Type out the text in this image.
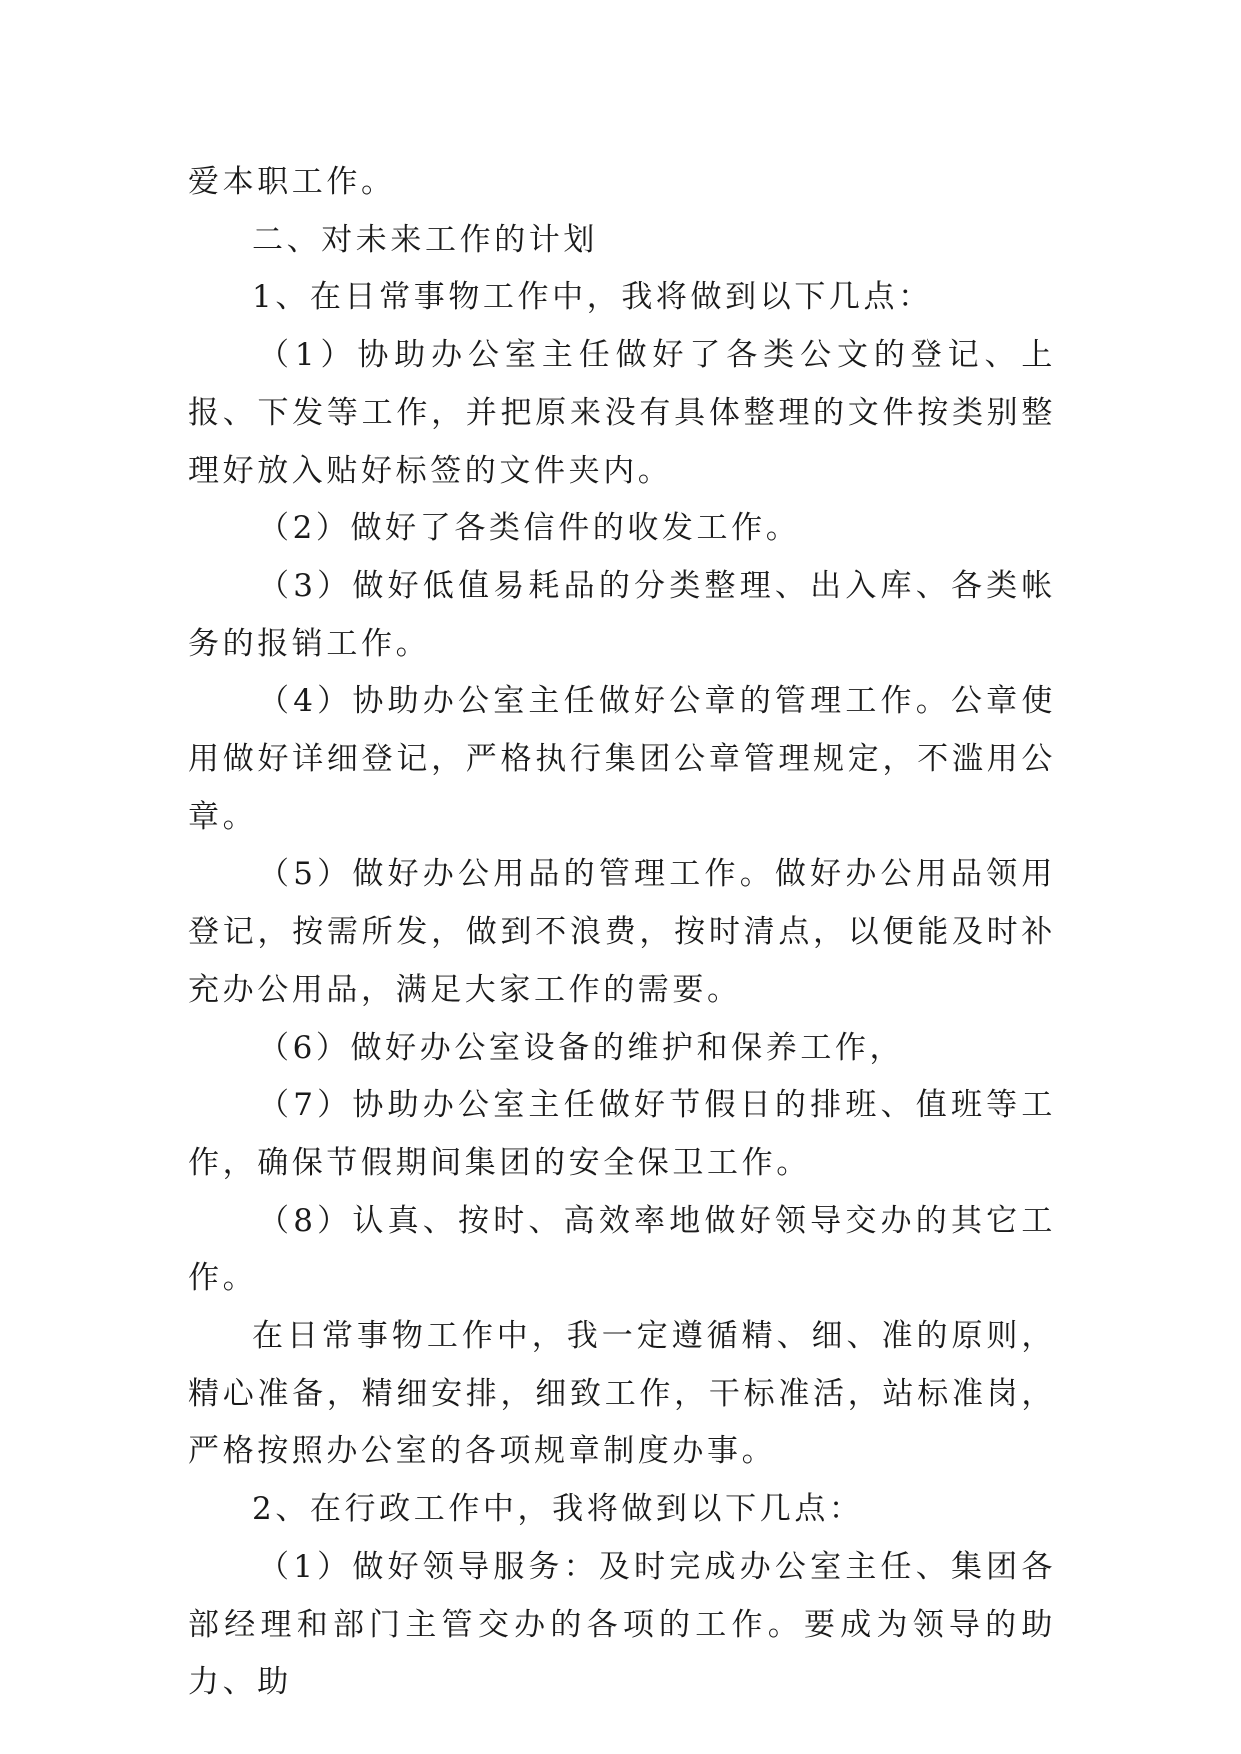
爱本职工作。

二、对未来工作的计划

1、在日常事物工作中，我将做到以下几点：

（1）协助办公室主任做好了各类公文的登记、上报、下发等工作，并把原来没有具体整理的文件按类别整理好放入贴好标签的文件夹内。

（2）做好了各类信件的收发工作。

（3）做好低值易耗品的分类整理、出入库、各类帐务的报销工作。

（4）协助办公室主任做好公章的管理工作。公章使用做好详细登记，严格执行集团公章管理规定，不滥用公章。

（5）做好办公用品的管理工作。做好办公用品领用登记，按需所发，做到不浪费，按时清点，以便能及时补充办公用品，满足大家工作的需要。

（6）做好办公室设备的维护和保养工作，

（7）协助办公室主任做好节假日的排班、值班等工作，确保节假期间集团的安全保卫工作。

（8）认真、按时、高效率地做好领导交办的其它工作。

在日常事物工作中，我一定遵循精、细、准的原则，精心准备，精细安排，细致工作，干标准活，站标准岗，严格按照办公室的各项规章制度办事。

2、在行政工作中，我将做到以下几点：

（1）做好领导服务：及时完成办公室主任、集团各部经理和部门主管交办的各项的工作。要成为领导的助力、助
